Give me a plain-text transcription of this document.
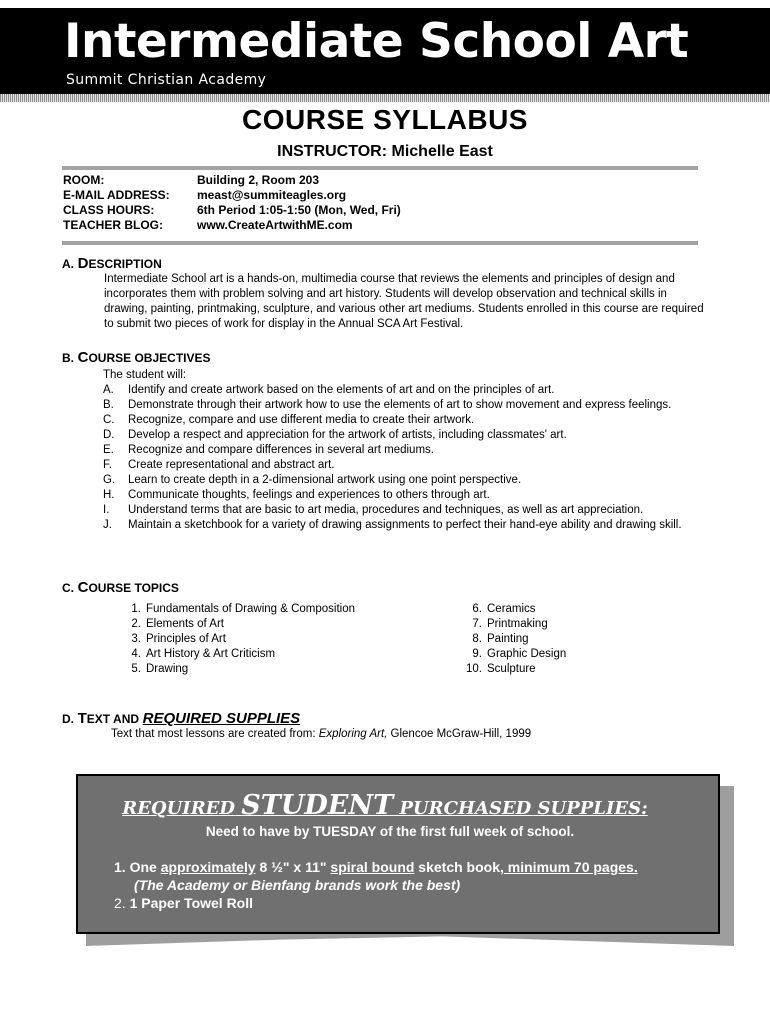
Intermediate School Art
Summit Christian Academy
COURSE SYLLABUS
INSTRUCTOR: Michelle East
ROOM:	Building 2, Room 203
E-MAIL ADDRESS:	meast@summiteagles.org
CLASS HOURS:	6th Period 1:05-1:50 (Mon, Wed, Fri)
TEACHER BLOG:	www.CreateArtwithME.com
A. DESCRIPTION
Intermediate School art is a hands-on, multimedia course that reviews the elements and principles of design and incorporates them with problem solving and art history. Students will develop observation and technical skills in drawing, painting, printmaking, sculpture, and various other art mediums. Students enrolled in this course are required to submit two pieces of work for display in the Annual SCA Art Festival.
B. COURSE OBJECTIVES
The student will:
A.	Identify and create artwork based on the elements of art and on the principles of art.
B.	Demonstrate through their artwork how to use the elements of art to show movement and express feelings.
C.	Recognize, compare and use different media to create their artwork.
D.	Develop a respect and appreciation for the artwork of artists, including classmates' art.
E.	Recognize and compare differences in several art mediums.
F.	Create representational and abstract art.
G.	Learn to create depth in a 2-dimensional artwork using one point perspective.
H.	Communicate thoughts, feelings and experiences to others through art.
I.	Understand terms that are basic to art media, procedures and techniques, as well as art appreciation.
J.	Maintain a sketchbook for a variety of drawing assignments to perfect their hand-eye ability and drawing skill.
C. COURSE TOPICS
1. Fundamentals of Drawing & Composition
2. Elements of Art
3. Principles of Art
4. Art History & Art Criticism
5. Drawing
6. Ceramics
7. Printmaking
8. Painting
9. Graphic Design
10. Sculpture
D. TEXT AND REQUIRED SUPPLIES
Text that most lessons are created from: Exploring Art, Glencoe McGraw-Hill, 1999
REQUIRED STUDENT PURCHASED SUPPLIES:
Need to have by TUESDAY of the first full week of school.
1. One approximately 8 ½" x 11" spiral bound sketch book, minimum 70 pages.
(The Academy or Bienfang brands work the best)
2. 1 Paper Towel Roll
